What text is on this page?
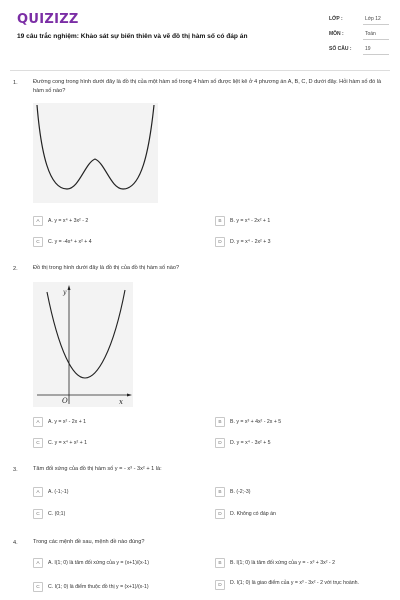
QUIZIZZ
19 câu trắc nghiệm: Khảo sát sự biến thiên và vẽ đồ thị hàm số có đáp án
LỚP :	Lớp 12
MÔN :	Toán
SỐ CÂU :	19
1.	Đường cong trong hình dưới đây là đồ thị của một hàm số trong 4 hàm số được liệt kê ở 4 phương án A, B, C, D dưới đây. Hỏi hàm số đó là hàm số nào?
A	A. y = x⁴ + 3x² - 2	B	B. y = x⁴ - 2x² + 1
C	C. y = -4x⁴ + x² + 4	D	D. y = x⁴ - 2x² + 3
2.	Đồ thị trong hình dưới đây là đồ thị của đồ thị hàm số nào?
y
x
O
A	A. y = x² - 2x + 1	B	B. y = x³ + 4x² - 2x + 5
C	C. y = x⁴ + x² + 1	D	D. y = x⁴ - 3x² + 5
3.	Tâm đối xứng của đồ thị hàm số y = - x³ - 3x² + 1 là:
A	A. (-1;-1)	B	B. (-2;-3)
C	C. (0;1)	D	D. Không có đáp án
4.	Trong các mệnh đề sau, mệnh đề nào đúng?
A	A. I(1; 0) là tâm đối xứng của y = (x+1)/(x-1)	B	B. I(1; 0) là tâm đối xứng của y = - x³ + 3x² - 2
C	C. I(1; 0) là điểm thuộc đồ thị y = (x+1)/(x-1)	D	D. I(1; 0) là giao điểm của y = x³ - 3x² - 2 với trục hoành.
